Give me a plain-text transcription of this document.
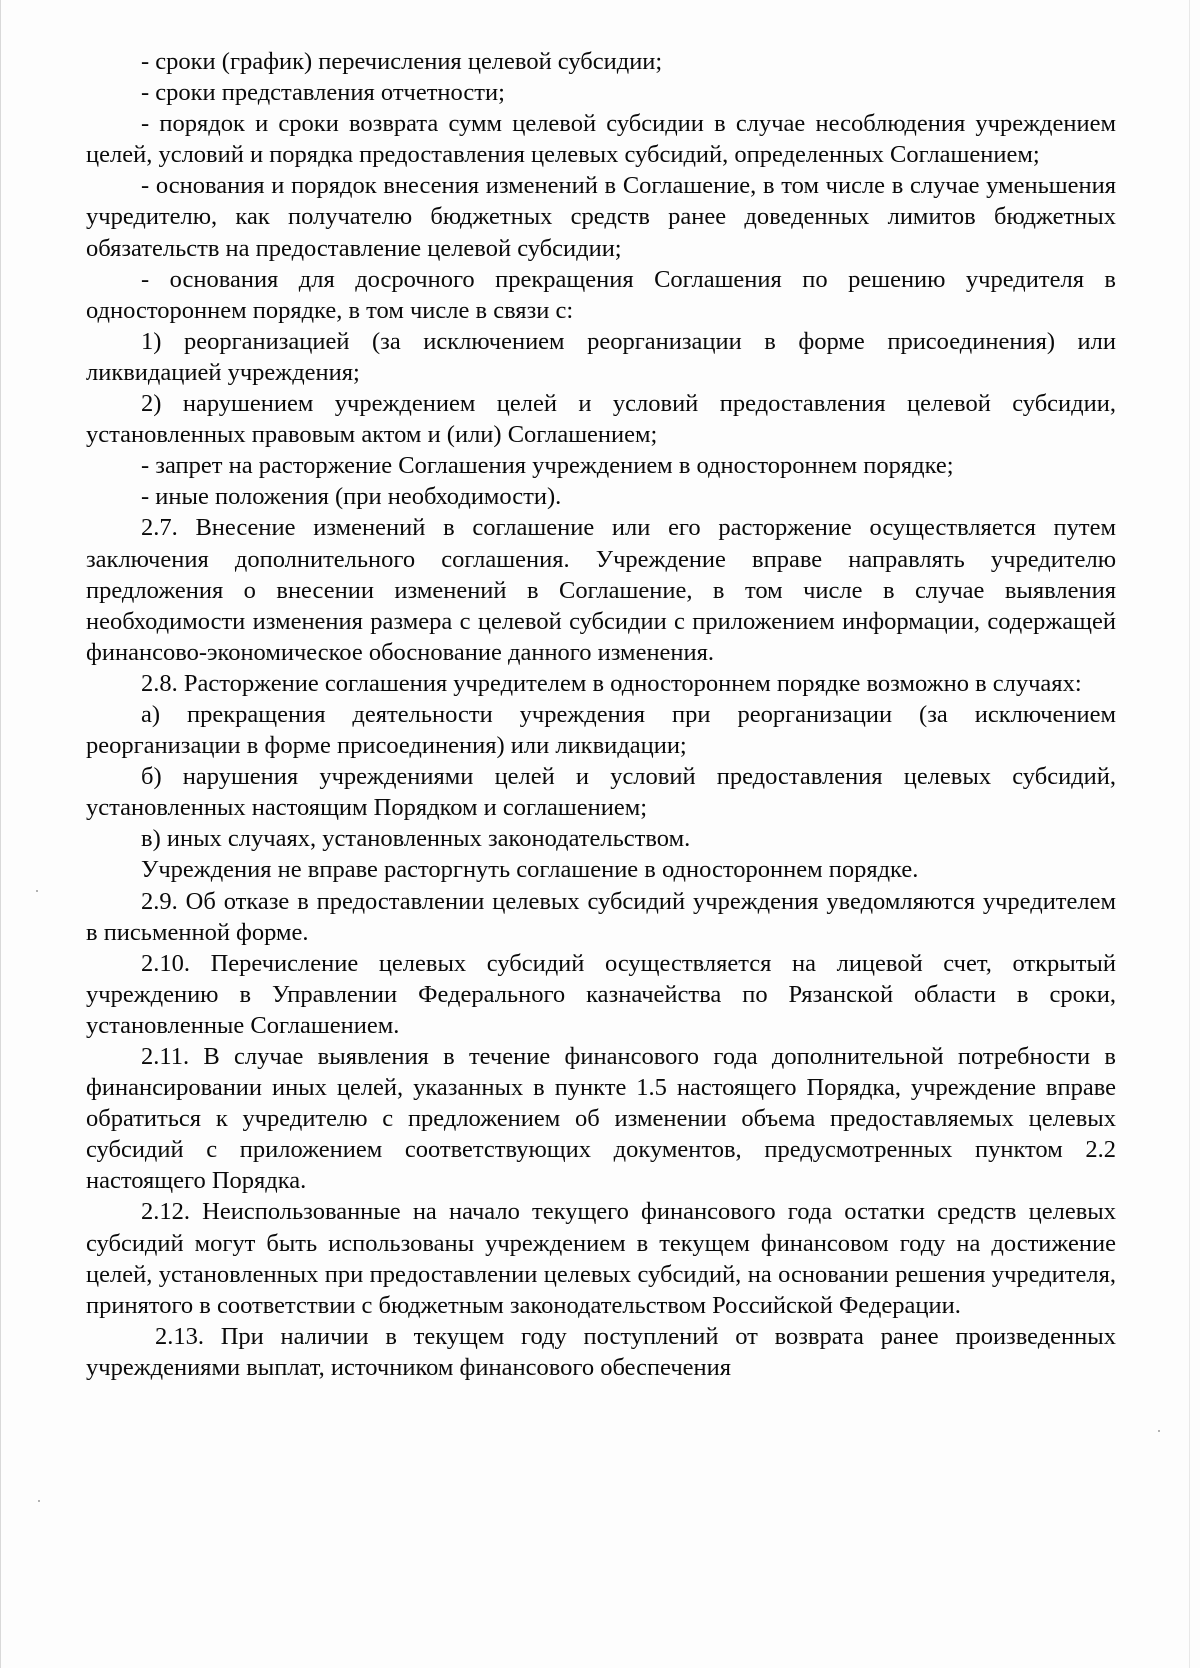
- сроки (график) перечисления целевой субсидии;

- сроки представления отчетности;

- порядок и сроки возврата сумм целевой субсидии в случае несоблюдения учреждением целей, условий и порядка предоставления целевых субсидий, определенных Соглашением;

- основания и порядок внесения изменений в Соглашение, в том числе в случае уменьшения учредителю, как получателю бюджетных средств ранее доведенных лимитов бюджетных обязательств на предоставление целевой субсидии;

- основания для досрочного прекращения Соглашения по решению учредителя в одностороннем порядке, в том числе в связи с:

1) реорганизацией (за исключением реорганизации в форме присоединения) или ликвидацией учреждения;

2) нарушением учреждением целей и условий предоставления целевой субсидии, установленных правовым актом и (или) Соглашением;

- запрет на расторжение Соглашения учреждением в одностороннем порядке;

- иные положения (при необходимости).

2.7. Внесение изменений в соглашение или его расторжение осуществляется путем заключения дополнительного соглашения. Учреждение вправе направлять учредителю предложения о внесении изменений в Соглашение, в том числе в случае выявления необходимости изменения размера с целевой субсидии с приложением информации, содержащей финансово-экономическое обоснование данного изменения.

2.8. Расторжение соглашения учредителем в одностороннем порядке возможно в случаях:

а) прекращения деятельности учреждения при реорганизации (за исключением реорганизации в форме присоединения) или ликвидации;

б) нарушения учреждениями целей и условий предоставления целевых субсидий, установленных настоящим Порядком и соглашением;

в) иных случаях, установленных законодательством.

Учреждения не вправе расторгнуть соглашение в одностороннем порядке.

2.9. Об отказе в предоставлении целевых субсидий учреждения уведомляются учредителем в письменной форме.

2.10. Перечисление целевых субсидий осуществляется на лицевой счет, открытый учреждению в Управлении Федерального казначейства по Рязанской области в сроки, установленные Соглашением.

2.11. В случае выявления в течение финансового года дополнительной потребности в финансировании иных целей, указанных в пункте 1.5 настоящего Порядка, учреждение вправе обратиться к учредителю с предложением об изменении объема предоставляемых целевых субсидий с приложением соответствующих документов, предусмотренных пунктом 2.2 настоящего Порядка.

2.12. Неиспользованные на начало текущего финансового года остатки средств целевых субсидий могут быть использованы учреждением в текущем финансовом году на достижение целей, установленных при предоставлении целевых субсидий, на основании решения учредителя, принятого в соответствии с бюджетным законодательством Российской Федерации.

2.13. При наличии в текущем году поступлений от возврата ранее произведенных учреждениями выплат, источником финансового обеспечения
